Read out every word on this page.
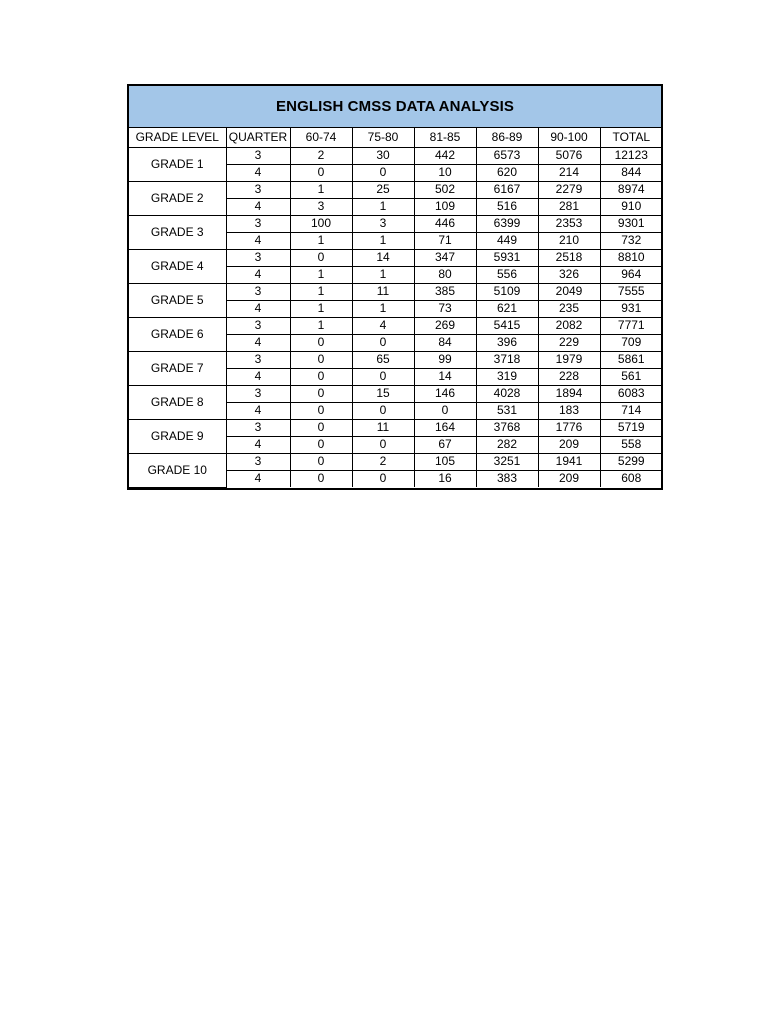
ENGLISH CMSS DATA ANALYSIS
GRADE LEVEL	QUARTER	60-74	75-80	81-85	86-89	90-100	TOTAL
GRADE 1	3	2	30	442	6573	5076	12123
	4	0	0	10	620	214	844
GRADE 2	3	1	25	502	6167	2279	8974
	4	3	1	109	516	281	910
GRADE 3	3	100	3	446	6399	2353	9301
	4	1	1	71	449	210	732
GRADE 4	3	0	14	347	5931	2518	8810
	4	1	1	80	556	326	964
GRADE 5	3	1	11	385	5109	2049	7555
	4	1	1	73	621	235	931
GRADE 6	3	1	4	269	5415	2082	7771
	4	0	0	84	396	229	709
GRADE 7	3	0	65	99	3718	1979	5861
	4	0	0	14	319	228	561
GRADE 8	3	0	15	146	4028	1894	6083
	4	0	0	0	531	183	714
GRADE 9	3	0	11	164	3768	1776	5719
	4	0	0	67	282	209	558
GRADE 10	3	0	2	105	3251	1941	5299
	4	0	0	16	383	209	608
